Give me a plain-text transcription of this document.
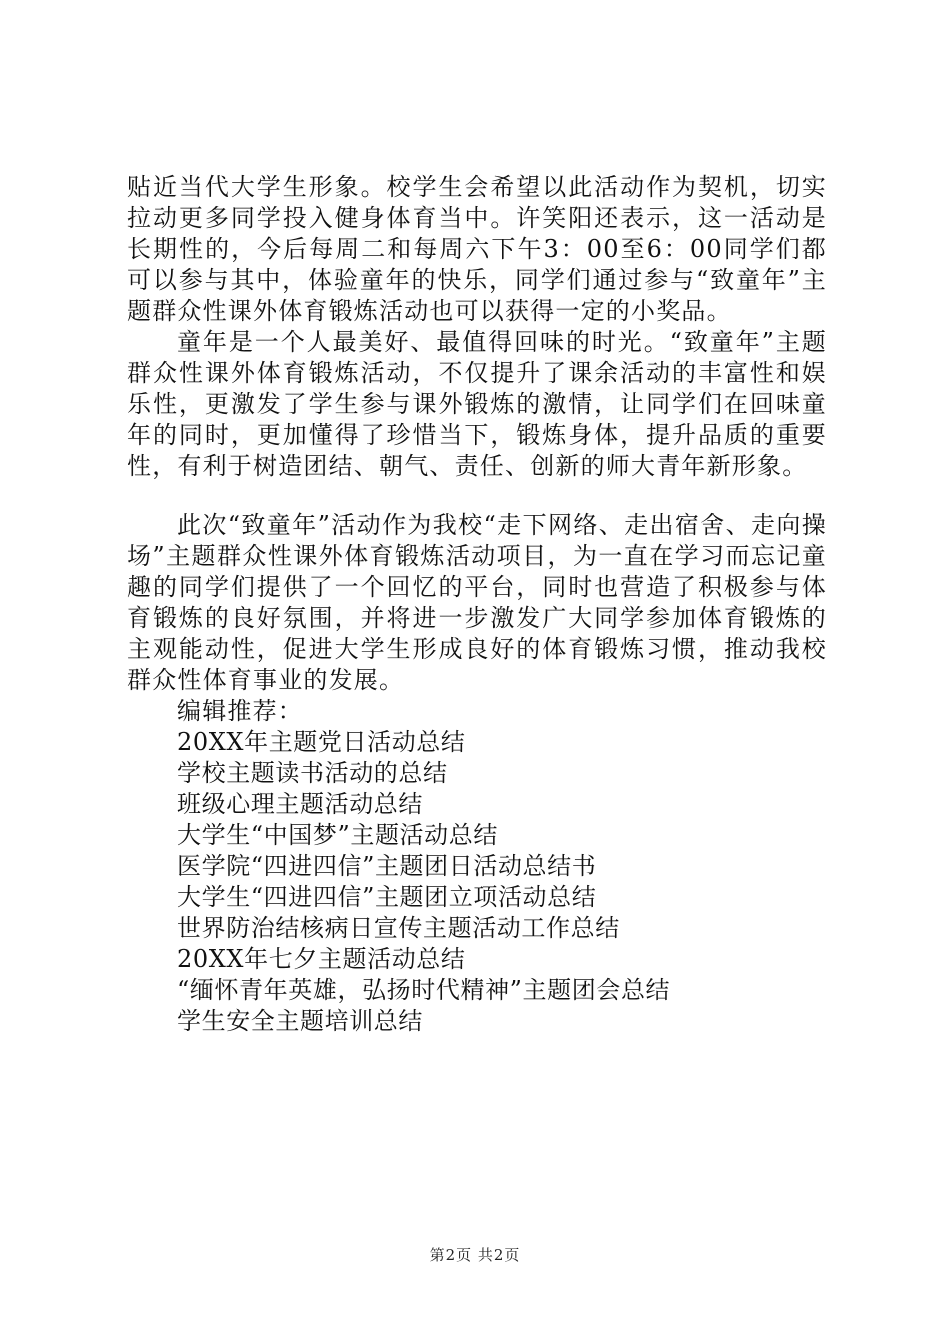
贴近当代大学生形象。校学生会希望以此活动作为契机，切实拉动更多同学投入健身体育当中。许笑阳还表示，这一活动是长期性的，今后每周二和每周六下午3：00至6：00同学们都可以参与其中，体验童年的快乐，同学们通过参与“致童年”主题群众性课外体育锻炼活动也可以获得一定的小奖品。

童年是一个人最美好、最值得回味的时光。“致童年”主题群众性课外体育锻炼活动，不仅提升了课余活动的丰富性和娱乐性，更激发了学生参与课外锻炼的激情，让同学们在回味童年的同时，更加懂得了珍惜当下，锻炼身体，提升品质的重要性，有利于树造团结、朝气、责任、创新的师大青年新形象。

此次“致童年”活动作为我校“走下网络、走出宿舍、走向操场”主题群众性课外体育锻炼活动项目，为一直在学习而忘记童趣的同学们提供了一个回忆的平台，同时也营造了积极参与体育锻炼的良好氛围，并将进一步激发广大同学参加体育锻炼的主观能动性，促进大学生形成良好的体育锻炼习惯，推动我校群众性体育事业的发展。

编辑推荐：

20XX年主题党日活动总结
学校主题读书活动的总结
班级心理主题活动总结
大学生“中国梦”主题活动总结
医学院“四进四信”主题团日活动总结书
大学生“四进四信”主题团立项活动总结
世界防治结核病日宣传主题活动工作总结
20XX年七夕主题活动总结
“缅怀青年英雄，弘扬时代精神”主题团会总结
学生安全主题培训总结
第2页 共2页
